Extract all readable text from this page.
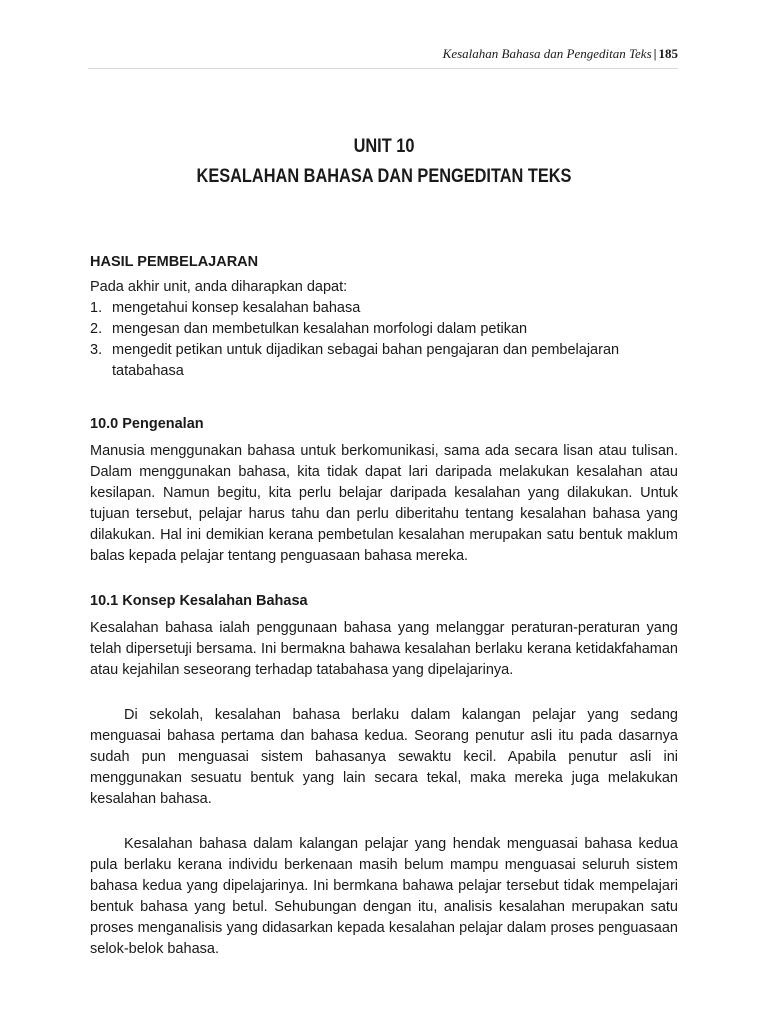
Kesalahan Bahasa dan Pengeditan Teks | 185
UNIT 10
KESALAHAN BAHASA DAN PENGEDITAN TEKS
HASIL PEMBELAJARAN

Pada akhir unit, anda diharapkan dapat:

1. mengetahui konsep kesalahan bahasa
2. mengesan dan membetulkan kesalahan morfologi dalam petikan
3. mengedit petikan untuk dijadikan sebagai bahan pengajaran dan pembelajaran tatabahasa
10.0 Pengenalan

Manusia menggunakan bahasa untuk berkomunikasi, sama ada secara lisan atau tulisan. Dalam menggunakan bahasa, kita tidak dapat lari daripada melakukan kesalahan atau kesilapan. Namun begitu, kita perlu belajar daripada kesalahan yang dilakukan. Untuk tujuan tersebut, pelajar harus tahu dan perlu diberitahu tentang kesalahan bahasa yang dilakukan. Hal ini demikian kerana pembetulan kesalahan merupakan satu bentuk maklum balas kepada pelajar tentang penguasaan bahasa mereka.

10.1 Konsep Kesalahan Bahasa

Kesalahan bahasa ialah penggunaan bahasa yang melanggar peraturan-peraturan yang telah dipersetuji bersama. Ini bermakna bahawa kesalahan berlaku kerana ketidakfahaman atau kejahilan seseorang terhadap tatabahasa yang dipelajarinya.

Di sekolah, kesalahan bahasa berlaku dalam kalangan pelajar yang sedang menguasai bahasa pertama dan bahasa kedua. Seorang penutur asli itu pada dasarnya sudah pun menguasai sistem bahasanya sewaktu kecil. Apabila penutur asli ini menggunakan sesuatu bentuk yang lain secara tekal, maka mereka juga melakukan kesalahan bahasa.

Kesalahan bahasa dalam kalangan pelajar yang hendak menguasai bahasa kedua pula berlaku kerana individu berkenaan masih belum mampu menguasai seluruh sistem bahasa kedua yang dipelajarinya. Ini bermkana bahawa pelajar tersebut tidak mempelajari bentuk bahasa yang betul. Sehubungan dengan itu, analisis kesalahan merupakan satu proses menganalisis yang didasarkan kepada kesalahan pelajar dalam proses penguasaan selok-belok bahasa.
